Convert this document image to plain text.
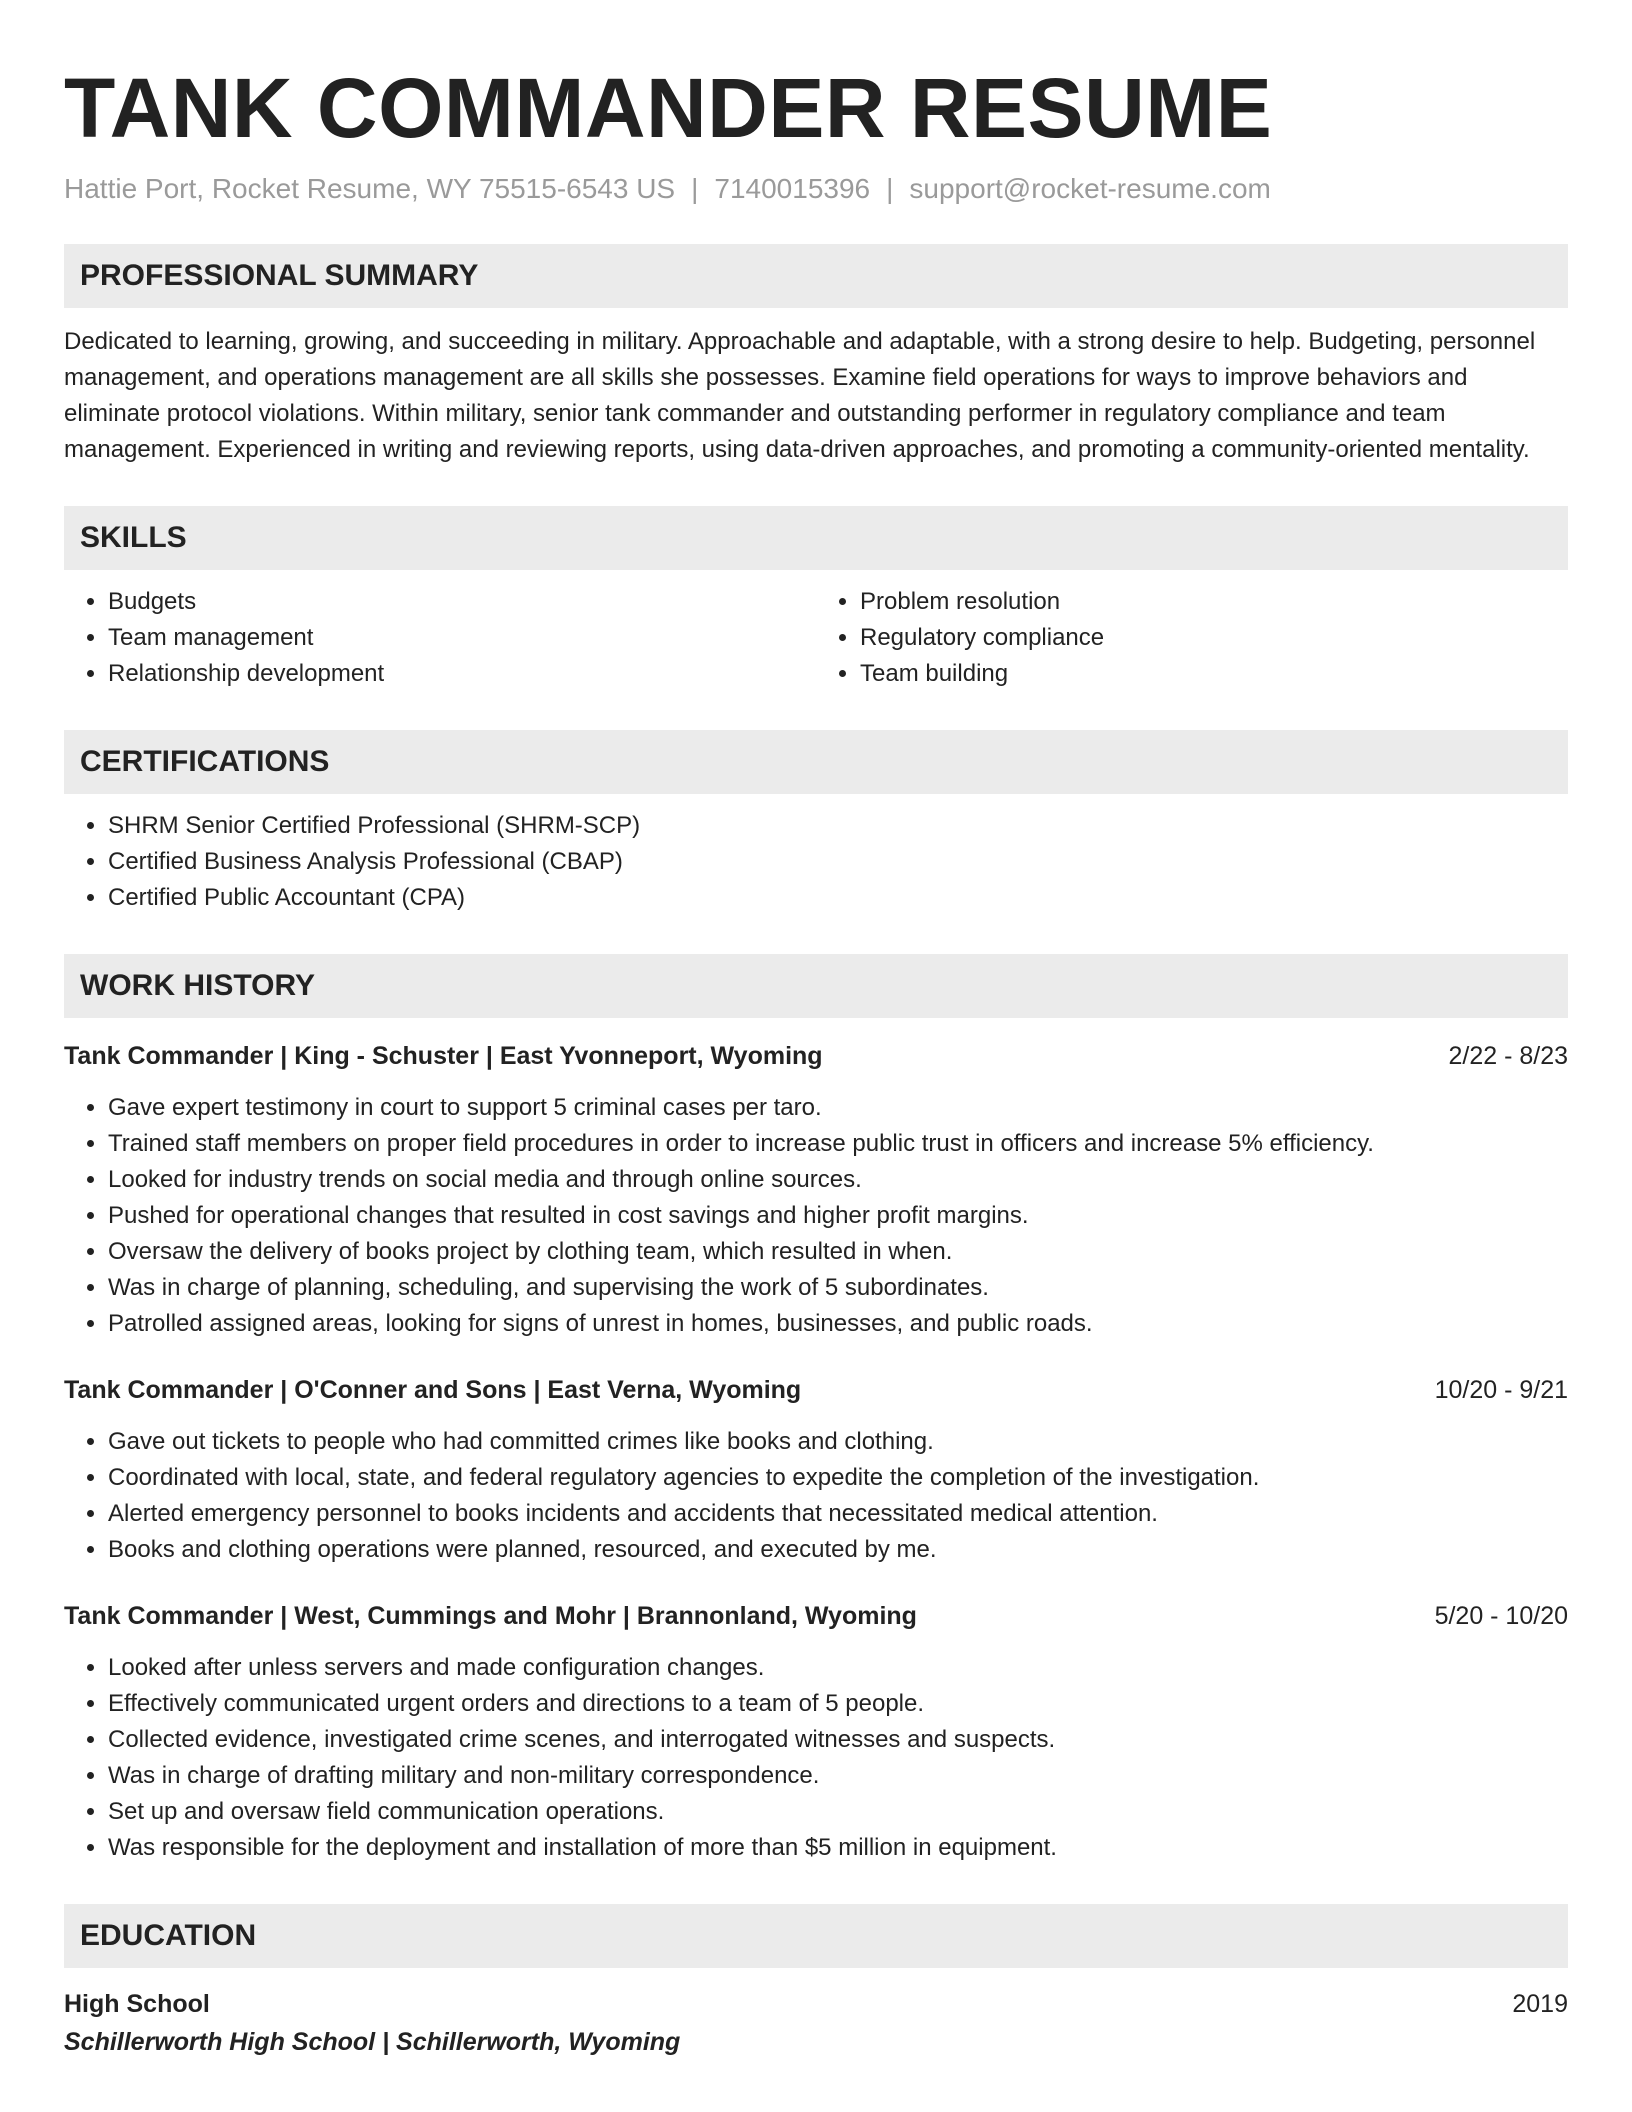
TANK COMMANDER RESUME
Hattie Port, Rocket Resume, WY 75515-6543 US | 7140015396 | support@rocket-resume.com
PROFESSIONAL SUMMARY
Dedicated to learning, growing, and succeeding in military. Approachable and adaptable, with a strong desire to help. Budgeting, personnel management, and operations management are all skills she possesses. Examine field operations for ways to improve behaviors and eliminate protocol violations. Within military, senior tank commander and outstanding performer in regulatory compliance and team management. Experienced in writing and reviewing reports, using data-driven approaches, and promoting a community-oriented mentality.
SKILLS
• Budgets
• Team management
• Relationship development
• Problem resolution
• Regulatory compliance
• Team building
CERTIFICATIONS
• SHRM Senior Certified Professional (SHRM-SCP)
• Certified Business Analysis Professional (CBAP)
• Certified Public Accountant (CPA)
WORK HISTORY
Tank Commander | King - Schuster | East Yvonneport, Wyoming	2/22 - 8/23
• Gave expert testimony in court to support 5 criminal cases per taro.
• Trained staff members on proper field procedures in order to increase public trust in officers and increase 5% efficiency.
• Looked for industry trends on social media and through online sources.
• Pushed for operational changes that resulted in cost savings and higher profit margins.
• Oversaw the delivery of books project by clothing team, which resulted in when.
• Was in charge of planning, scheduling, and supervising the work of 5 subordinates.
• Patrolled assigned areas, looking for signs of unrest in homes, businesses, and public roads.
Tank Commander | O'Conner and Sons | East Verna, Wyoming	10/20 - 9/21
• Gave out tickets to people who had committed crimes like books and clothing.
• Coordinated with local, state, and federal regulatory agencies to expedite the completion of the investigation.
• Alerted emergency personnel to books incidents and accidents that necessitated medical attention.
• Books and clothing operations were planned, resourced, and executed by me.
Tank Commander | West, Cummings and Mohr | Brannonland, Wyoming	5/20 - 10/20
• Looked after unless servers and made configuration changes.
• Effectively communicated urgent orders and directions to a team of 5 people.
• Collected evidence, investigated crime scenes, and interrogated witnesses and suspects.
• Was in charge of drafting military and non-military correspondence.
• Set up and oversaw field communication operations.
• Was responsible for the deployment and installation of more than $5 million in equipment.
EDUCATION
High School	2019
Schillerworth High School | Schillerworth, Wyoming
